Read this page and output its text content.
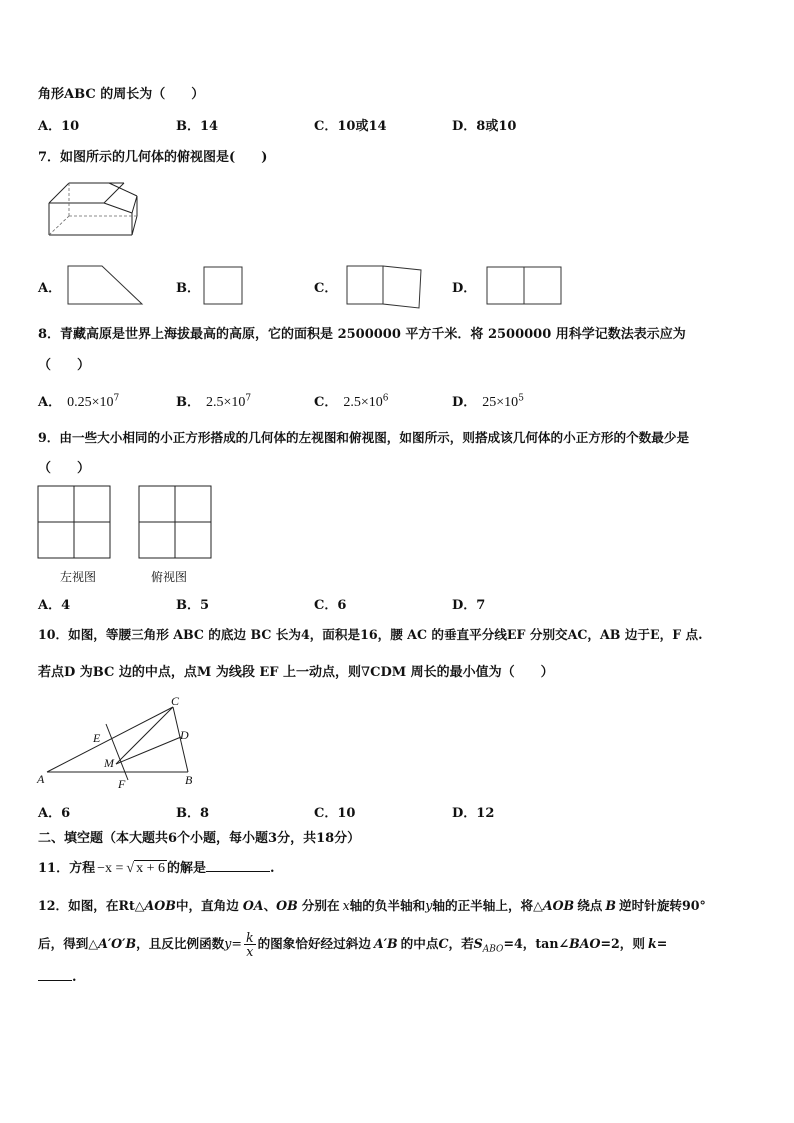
角形ABC 的周长为（　　）
A．10	B．14	C．10或14	D．8或10
7．如图所示的几何体的俯视图是(　　)
A．	B．	C．	D．
8．青藏高原是世界上海拔最高的高原，它的面积是 2500000 平方千米．将 2500000 用科学记数法表示应为
（　　）
A． $0.25\times 10^7$	B． $2.5\times 10^7$	C． $2.5\times 10^6$	D． $25\times 10^5$
9．由一些大小相同的小正方形搭成的几何体的左视图和俯视图，如图所示，则搭成该几何体的小正方形的个数最少是
（　　）
左视图	俯视图
A．4	B．5	C．6	D．7
10．如图，等腰三角形 ABC 的底边 BC 长为4，面积是16，腰 AC 的垂直平分线EF 分别交AC，AB 边于E，F 点.
若点D 为BC 边的中点，点M 为线段 EF 上一动点，则∇CDM 周长的最小值为（　　）
A	B
C
D
E
F
M
A．6	B．8	C．10	D．12
二、填空题（本大题共6个小题，每小题3分，共18分）
11．方程 −x = √ x + 6 的解是	.
12．如图，在Rt△AOB中，直角边 OA、OB 分别在 x轴的负半轴和y轴的正半轴上，将△AOB 绕点 B 逆时针旋转90°
后，得到△A′O′B，且反比例函数$y= \frac{k}{x}$ 的图象恰好经过斜边 A′B 的中点C，若$S_{ABO}=4$，tan∠BAO=2，则 k=
.
